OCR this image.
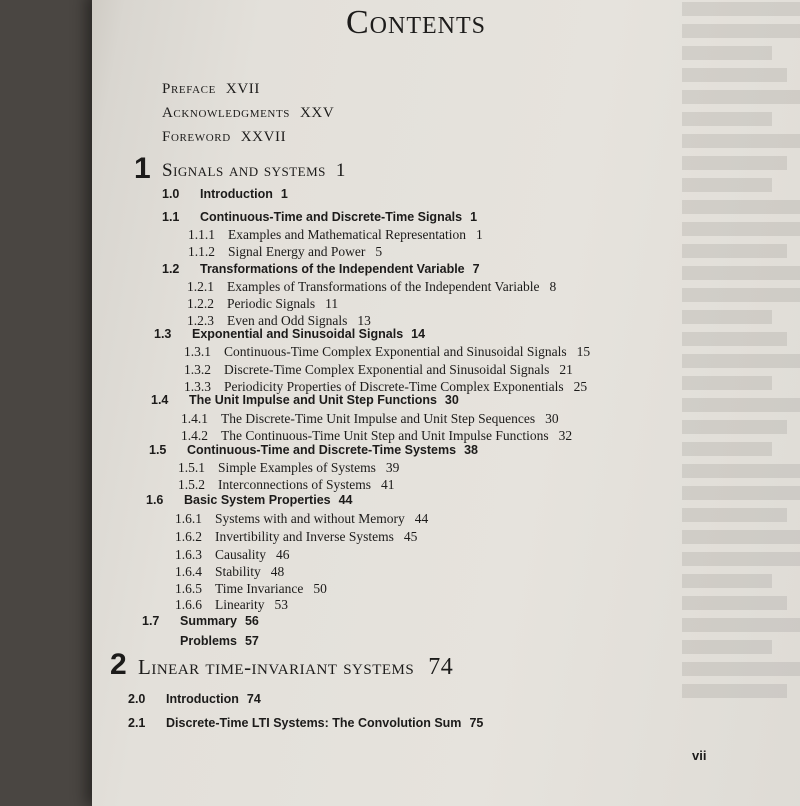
Contents
Preface XVII
Acknowledgments XXV
Foreword XXVII
1 Signals and systems 1
1.0 Introduction 1
1.1 Continuous-Time and Discrete-Time Signals 1
1.1.1 Examples and Mathematical Representation 1
1.1.2 Signal Energy and Power 5
1.2 Transformations of the Independent Variable 7
1.2.1 Examples of Transformations of the Independent Variable 8
1.2.2 Periodic Signals 11
1.2.3 Even and Odd Signals 13
1.3 Exponential and Sinusoidal Signals 14
1.3.1 Continuous-Time Complex Exponential and Sinusoidal Signals 15
1.3.2 Discrete-Time Complex Exponential and Sinusoidal Signals 21
1.3.3 Periodicity Properties of Discrete-Time Complex Exponentials 25
1.4 The Unit Impulse and Unit Step Functions 30
1.4.1 The Discrete-Time Unit Impulse and Unit Step Sequences 30
1.4.2 The Continuous-Time Unit Step and Unit Impulse Functions 32
1.5 Continuous-Time and Discrete-Time Systems 38
1.5.1 Simple Examples of Systems 39
1.5.2 Interconnections of Systems 41
1.6 Basic System Properties 44
1.6.1 Systems with and without Memory 44
1.6.2 Invertibility and Inverse Systems 45
1.6.3 Causality 46
1.6.4 Stability 48
1.6.5 Time Invariance 50
1.6.6 Linearity 53
1.7 Summary 56
Problems 57
2 Linear time-invariant systems 74
2.0 Introduction 74
2.1 Discrete-Time LTI Systems: The Convolution Sum 75
vii
